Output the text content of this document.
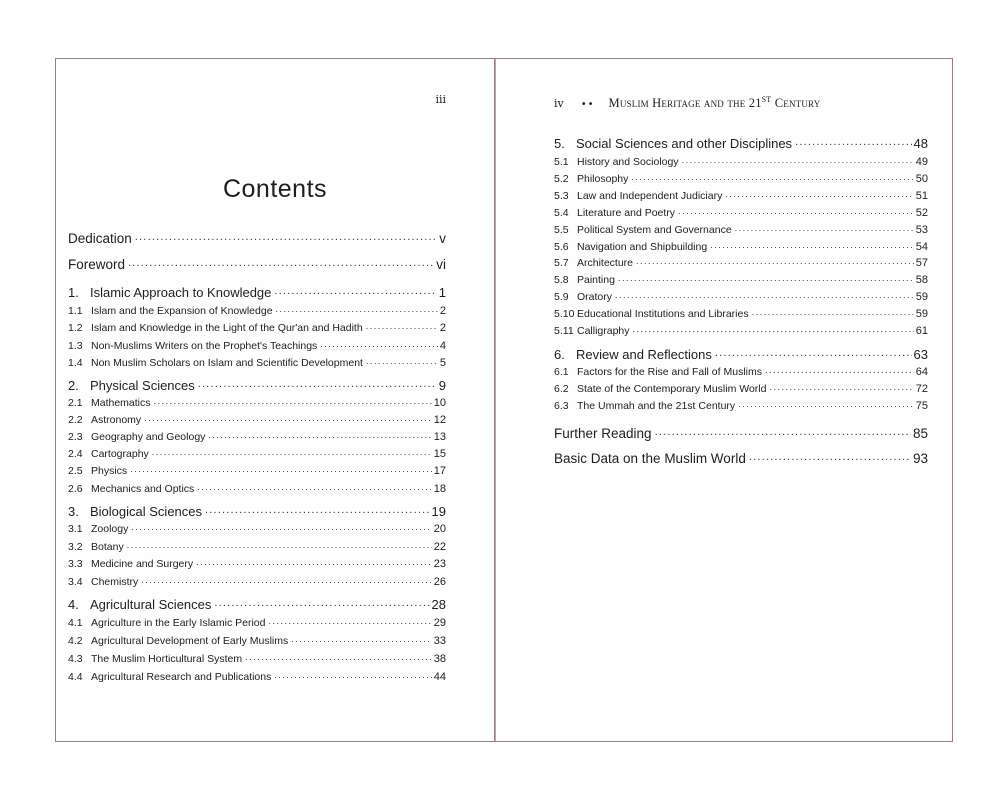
iii
Contents
Dedication .....	v
Foreword .....	vi
1. Islamic Approach to Knowledge .....	1
1.1 Islam and the Expansion of Knowledge .....	2
1.2 Islam and Knowledge in the Light of the Qur'an and Hadith .....	2
1.3 Non-Muslims Writers on the Prophet's Teachings .....	4
1.4 Non Muslim Scholars on Islam and Scientific Development .....	5
2. Physical Sciences .....	9
2.1 Mathematics .....	10
2.2 Astronomy .....	12
2.3 Geography and Geology .....	13
2.4 Cartography .....	15
2.5 Physics .....	17
2.6 Mechanics and Optics .....	18
3. Biological Sciences .....	19
3.1 Zoology .....	20
3.2 Botany .....	22
3.3 Medicine and Surgery .....	23
3.4 Chemistry .....	26
4. Agricultural Sciences .....	28
4.1 Agriculture in the Early Islamic Period .....	29
4.2 Agricultural Development of Early Muslims .....	33
4.3 The Muslim Horticultural System .....	38
4.4 Agricultural Research and Publications .....	44
iv •• Muslim Heritage and the 21ST Century
5. Social Sciences and other Disciplines .....	48
5.1 History and Sociology .....	49
5.2 Philosophy .....	50
5.3 Law and Independent Judiciary .....	51
5.4 Literature and Poetry .....	52
5.5 Political System and Governance .....	53
5.6 Navigation and Shipbuilding .....	54
5.7 Architecture .....	57
5.8 Painting .....	58
5.9 Oratory .....	59
5.10 Educational Institutions and Libraries .....	59
5.11 Calligraphy .....	61
6. Review and Reflections .....	63
6.1 Factors for the Rise and Fall of Muslims .....	64
6.2 State of the Contemporary Muslim World .....	72
6.3 The Ummah and the 21st Century .....	75
Further Reading .....	85
Basic Data on the Muslim World .....	93
